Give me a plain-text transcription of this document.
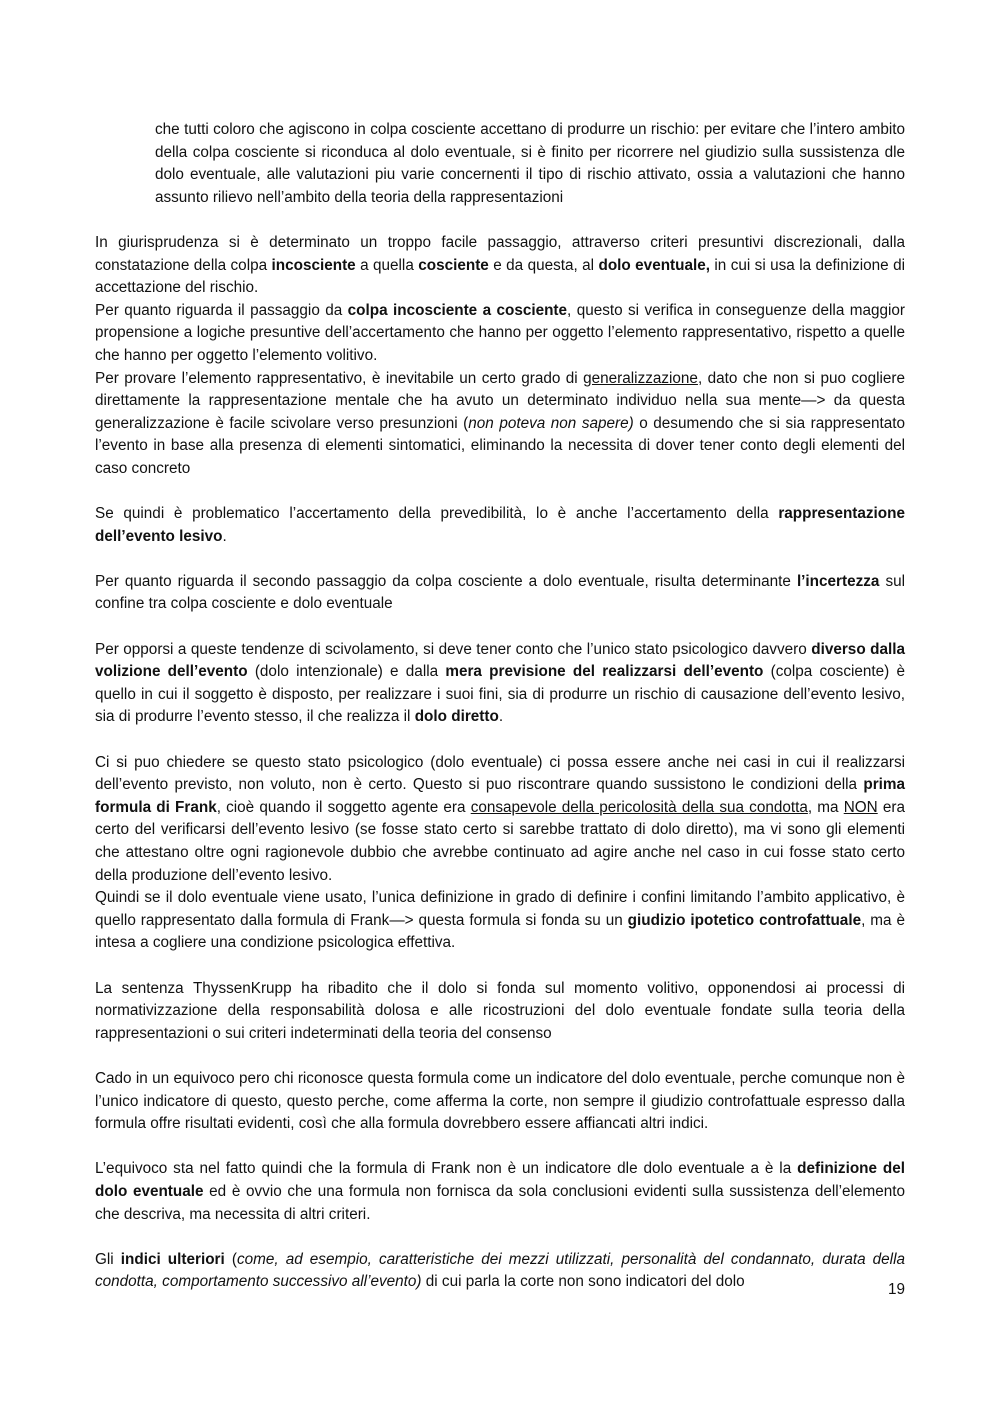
che tutti coloro che agiscono in colpa cosciente accettano di produrre un rischio: per evitare che l’intero ambito della colpa cosciente si riconduca al dolo eventuale, si è finito per ricorrere nel giudizio sulla sussistenza dle dolo eventuale, alle valutazioni piu varie concernenti il tipo di rischio attivato, ossia a valutazioni che hanno assunto rilievo nell’ambito della teoria della rappresentazioni

In giurisprudenza si è determinato un troppo facile passaggio, attraverso criteri presuntivi discrezionali, dalla constatazione della colpa incosciente a quella cosciente e da questa, al dolo eventuale, in cui si usa la definizione di accettazione del rischio.

Per quanto riguarda il passaggio da colpa incosciente a cosciente, questo si verifica in conseguenze della maggior propensione a logiche presuntive dell’accertamento che hanno per oggetto l’elemento rappresentativo, rispetto a quelle che hanno per oggetto l’elemento volitivo.

Per provare l’elemento rappresentativo, è inevitabile un certo grado di generalizzazione, dato che non si puo cogliere direttamente la rappresentazione mentale che ha avuto un determinato individuo nella sua mente—> da questa generalizzazione è facile scivolare verso presunzioni (non poteva non sapere) o desumendo che si sia rappresentato l’evento in base alla presenza di elementi sintomatici, eliminando la necessita di dover tener conto degli elementi del caso concreto

Se quindi è problematico l’accertamento della prevedibilità, lo è anche l’accertamento della rappresentazione dell’evento lesivo.

Per quanto riguarda il secondo passaggio da colpa cosciente a dolo eventuale, risulta determinante l’incertezza sul confine tra colpa cosciente e dolo eventuale

Per opporsi a queste tendenze di scivolamento, si deve tener conto che l’unico stato psicologico davvero diverso dalla volizione dell’evento (dolo intenzionale) e dalla mera previsione del realizzarsi dell’evento (colpa cosciente) è quello in cui il soggetto è disposto, per realizzare i suoi fini, sia di produrre un rischio di causazione dell’evento lesivo, sia di produrre l’evento stesso, il che realizza il dolo diretto.

Ci si puo chiedere se questo stato psicologico (dolo eventuale) ci possa essere anche nei casi in cui il realizzarsi dell’evento previsto, non voluto, non è certo. Questo si puo riscontrare quando sussistono le condizioni della prima formula di Frank, cioè quando il soggetto agente era consapevole della pericolosità della sua condotta, ma NON era certo del verificarsi dell’evento lesivo (se fosse stato certo si sarebbe trattato di dolo diretto), ma vi sono gli elementi che attestano oltre ogni ragionevole dubbio che avrebbe continuato ad agire anche nel caso in cui fosse stato certo della produzione dell’evento lesivo.

Quindi se il dolo eventuale viene usato, l’unica definizione in grado di definire i confini limitando l’ambito applicativo, è quello rappresentato dalla formula di Frank—> questa formula si fonda su un giudizio ipotetico controfattuale, ma è intesa a cogliere una condizione psicologica effettiva.

La sentenza ThyssenKrupp ha ribadito che il dolo si fonda sul momento volitivo, opponendosi ai processi di normativizzazione della responsabilità dolosa e alle ricostruzioni del dolo eventuale fondate sulla teoria della rappresentazioni o sui criteri indeterminati della teoria del consenso

Cado in un equivoco pero chi riconosce questa formula come un indicatore del dolo eventuale, perche comunque non è l’unico indicatore di questo, questo perche, come afferma la corte, non sempre il giudizio controfattuale espresso dalla formula offre risultati evidenti, così che alla formula dovrebbero essere affiancati altri indici.

L’equivoco sta nel fatto quindi che la formula di Frank non è un indicatore dle dolo eventuale a è la definizione del dolo eventuale ed è ovvio che una formula non fornisca da sola conclusioni evidenti sulla sussistenza dell’elemento che descriva, ma necessita di altri criteri.

Gli indici ulteriori (come, ad esempio, caratteristiche dei mezzi utilizzati, personalità del condannato, durata della condotta, comportamento successivo all’evento) di cui parla la corte non sono indicatori del dolo	19
